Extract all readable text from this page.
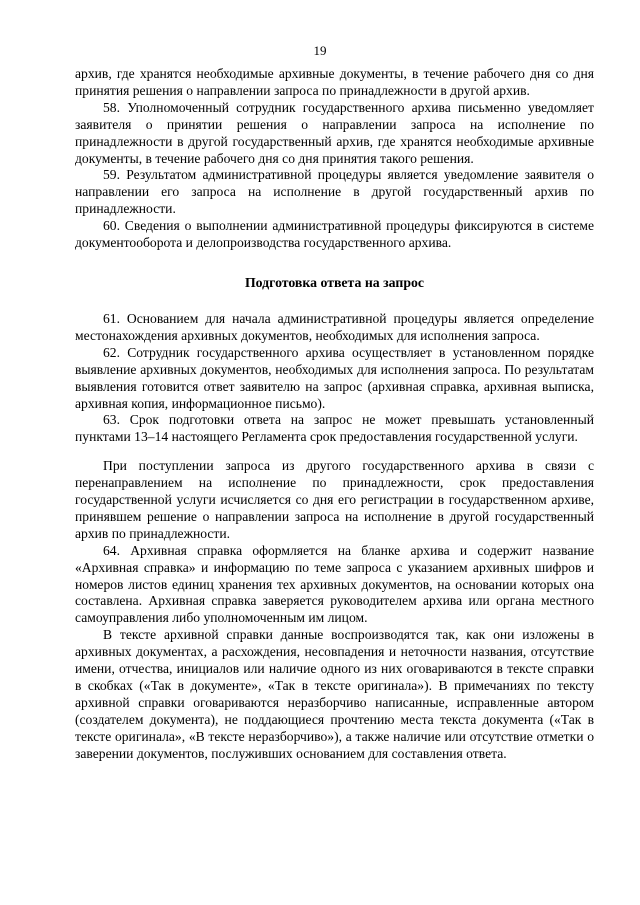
19

архив, где хранятся необходимые архивные документы, в течение рабочего дня со дня принятия решения о направлении запроса по принадлежности в другой архив.

58. Уполномоченный сотрудник государственного архива письменно уведомляет заявителя о принятии решения о направлении запроса на исполнение по принадлежности в другой государственный архив, где хранятся необходимые архивные документы, в течение рабочего дня со дня принятия такого решения.

59. Результатом административной процедуры является уведомление заявителя о направлении его запроса на исполнение в другой государственный архив по принадлежности.

60. Сведения о выполнении административной процедуры фиксируются в системе документооборота и делопроизводства государственного архива.

Подготовка ответа на запрос

61. Основанием для начала административной процедуры является определение местонахождения архивных документов, необходимых для исполнения запроса.

62. Сотрудник государственного архива осуществляет в установленном порядке выявление архивных документов, необходимых для исполнения запроса. По результатам выявления готовится ответ заявителю на запрос (архивная справка, архивная выписка, архивная копия, информационное письмо).

63. Срок подготовки ответа на запрос не может превышать установленный пунктами 13–14 настоящего Регламента срок предоставления государственной услуги.

При поступлении запроса из другого государственного архива в связи с перенаправлением на исполнение по принадлежности, срок предоставления государственной услуги исчисляется со дня его регистрации в государственном архиве, принявшем решение о направлении запроса на исполнение в другой государственный архив по принадлежности.

64. Архивная справка оформляется на бланке архива и содержит название «Архивная справка» и информацию по теме запроса с указанием архивных шифров и номеров листов единиц хранения тех архивных документов, на основании которых она составлена. Архивная справка заверяется руководителем архива или органа местного самоуправления либо уполномоченным им лицом.

В тексте архивной справки данные воспроизводятся так, как они изложены в архивных документах, а расхождения, несовпадения и неточности названия, отсутствие имени, отчества, инициалов или наличие одного из них оговариваются в тексте справки в скобках («Так в документе», «Так в тексте оригинала»). В примечаниях по тексту архивной справки оговариваются неразборчиво написанные, исправленные автором (создателем документа), не поддающиеся прочтению места текста документа («Так в тексте оригинала», «В тексте неразборчиво»), а также наличие или отсутствие отметки о заверении документов, послуживших основанием для составления ответа.
